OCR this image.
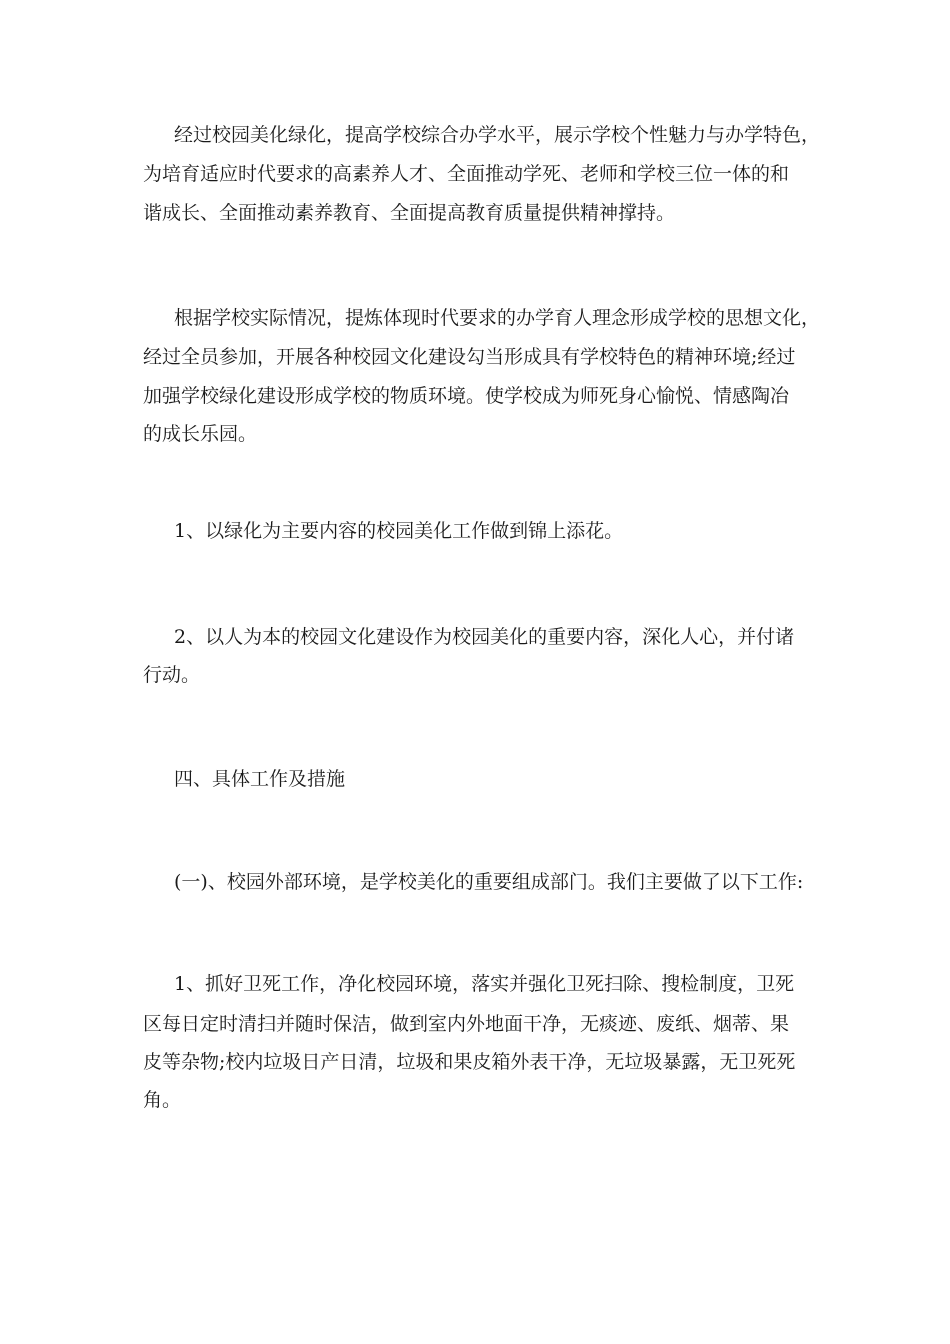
经过校园美化绿化，提高学校综合办学水平，展示学校个性魅力与办学特色，
为培育适应时代要求的高素养人才、全面推动学死、老师和学校三位一体的和
谐成长、全面推动素养教育、全面提高教育质量提供精神撑持。
根据学校实际情况，提炼体现时代要求的办学育人理念形成学校的思想文化，
经过全员参加，开展各种校园文化建设勾当形成具有学校特色的精神环境;经过
加强学校绿化建设形成学校的物质环境。使学校成为师死身心愉悦、情感陶冶
的成长乐园。
1、以绿化为主要内容的校园美化工作做到锦上添花。
2、以人为本的校园文化建设作为校园美化的重要内容，深化人心，并付诸
行动。
四、具体工作及措施
(一)、校园外部环境，是学校美化的重要组成部门。我们主要做了以下工作:
1、抓好卫死工作，净化校园环境，落实并强化卫死扫除、搜检制度，卫死
区每日定时清扫并随时保洁，做到室内外地面干净，无痰迹、废纸、烟蒂、果
皮等杂物;校内垃圾日产日清，垃圾和果皮箱外表干净，无垃圾暴露，无卫死死
角。
